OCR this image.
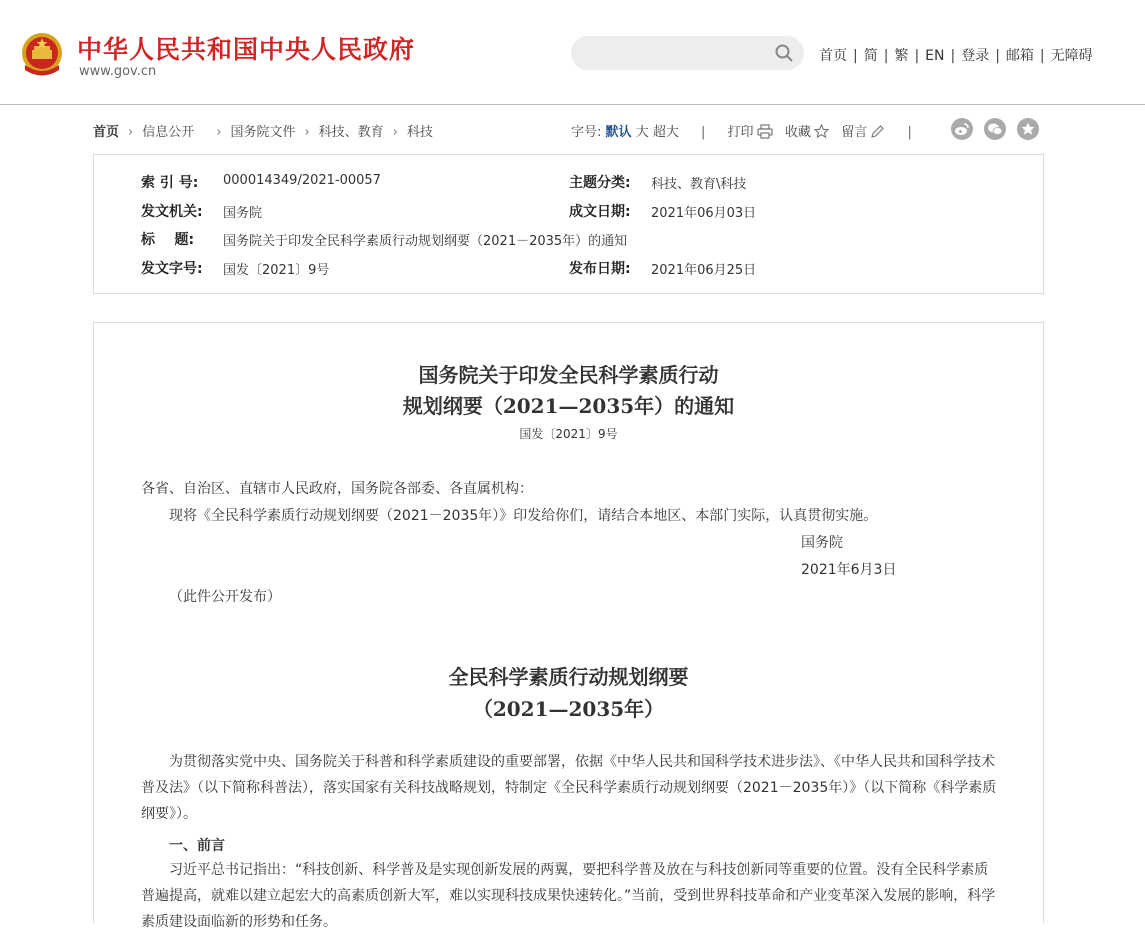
中华人民共和国中央人民政府
www.gov.cn
首页 | 简 | 繁 | EN | 登录 | 邮箱 | 无障碍
首页 › 信息公开 › 国务院文件 › 科技、教育 › 科技	字号: 默认 大 超大 | 打印 收藏 留言	|
索 引 号: 000014349/2021-00057	主题分类: 科技、教育\科技
发文机关: 国务院	成文日期: 2021年06月03日
标    题: 国务院关于印发全民科学素质行动规划纲要（2021－2035年）的通知
发文字号: 国发〔2021〕9号	发布日期: 2021年06月25日
国务院关于印发全民科学素质行动
规划纲要（2021—2035年）的通知
国发〔2021〕9号
各省、自治区、直辖市人民政府，国务院各部委、各直属机构：
现将《全民科学素质行动规划纲要（2021－2035年）》印发给你们，请结合本地区、本部门实际，认真贯彻实施。
国务院
2021年6月3日
（此件公开发布）
全民科学素质行动规划纲要
（2021—2035年）
为贯彻落实党中央、国务院关于科普和科学素质建设的重要部署，依据《中华人民共和国科学技术进步法》、《中华人民共和国科学技术普及法》（以下简称科普法），落实国家有关科技战略规划，特制定《全民科学素质行动规划纲要（2021－2035年）》（以下简称《科学素质纲要》）。
一、前言
习近平总书记指出：“科技创新、科学普及是实现创新发展的两翼，要把科学普及放在与科技创新同等重要的位置。没有全民科学素质普遍提高，就难以建立起宏大的高素质创新大军，难以实现科技成果快速转化。”当前，受到世界科技革命和产业变革深入发展的影响，科学素质建设面临新的形势和任务。
